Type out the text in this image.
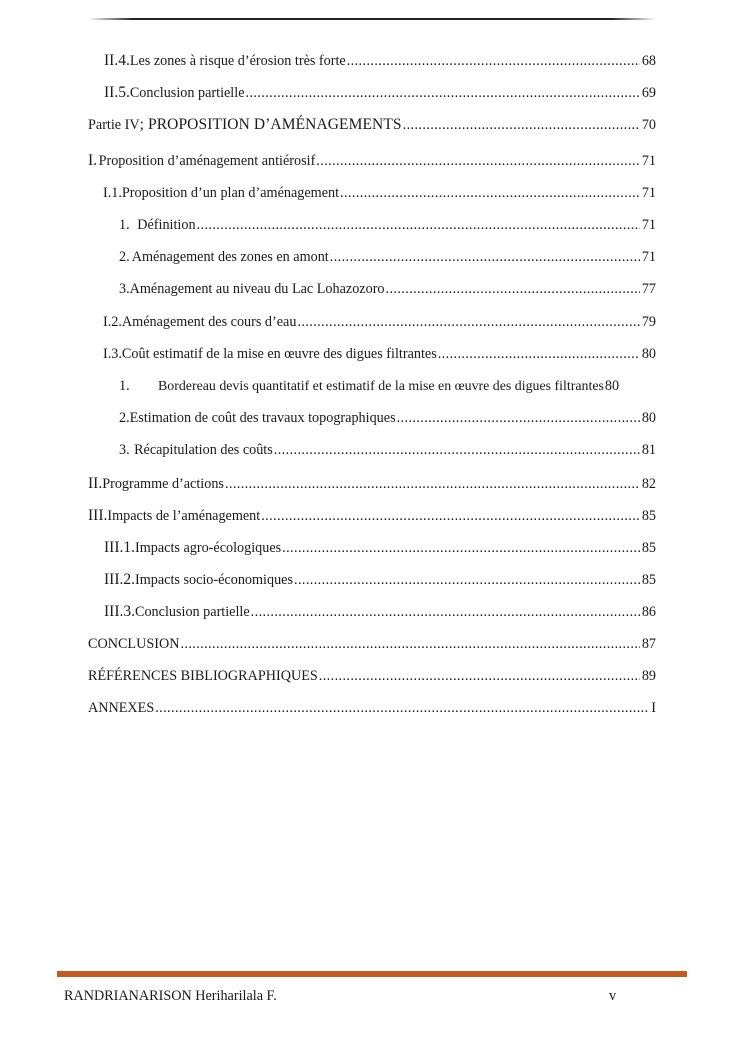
II.4. Les zones à risque d’érosion très forte .....	68
II.5. Conclusion partielle .....	69
Partie IV ; PROPOSITION D’AMÉNAGEMENTS .....	70
I. Proposition d’aménagement antiérosif .....	71
I.1. Proposition d’un plan d’aménagement .....	71
1. Définition .....	71
2. Aménagement des zones en amont .....	71
3. Aménagement au niveau du Lac Lohazozoro .....	77
I.2. Aménagement des cours d’eau .....	79
I.3. Coût estimatif de la mise en œuvre des digues filtrantes .....	80
1.	Bordereau devis quantitatif et estimatif de la mise en œuvre des digues filtrantes 80
2. Estimation de coût des travaux topographiques .....	80
3. Récapitulation des coûts .....	81
II. Programme d’actions .....	82
III. Impacts de l’aménagement .....	85
III.1. Impacts agro-écologiques .....	85
III.2. Impacts socio-économiques .....	85
III.3. Conclusion partielle .....	86
CONCLUSION .....	87
RÉFÉRENCES BIBLIOGRAPHIQUES .....	89
ANNEXES .....	I
RANDRIANARISON Heriharilala F.	v
